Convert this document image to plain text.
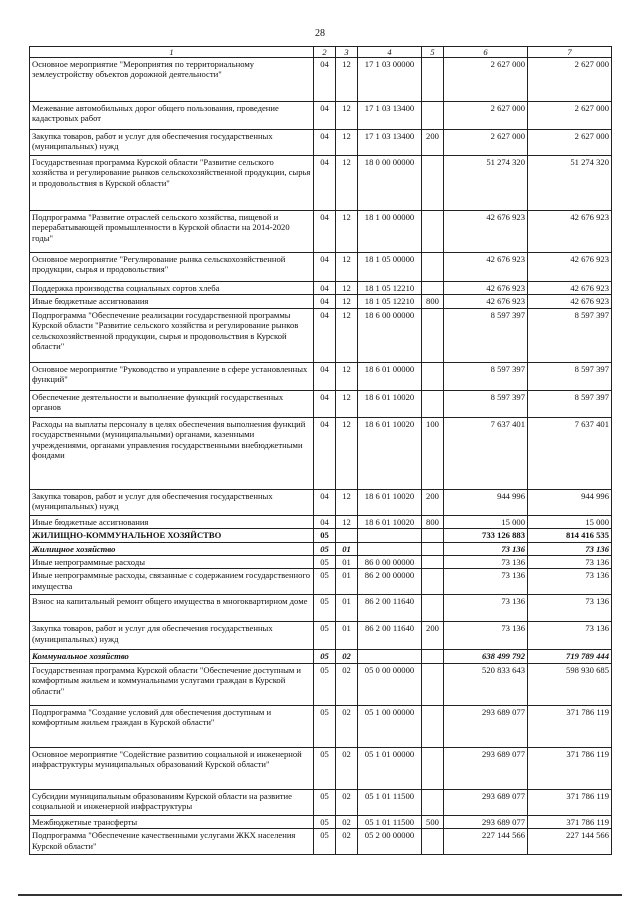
28
1	2	3	4	5	6	7
Основное мероприятие "Мероприятия по территориальному землеустройству объектов дорожной деятельности"	04	12	17 1 03 00000		2 627 000	2 627 000
Межевание автомобильных дорог общего пользования, проведение кадастровых работ	04	12	17 1 03 13400		2 627 000	2 627 000
Закупка товаров, работ и услуг для обеспечения государственных (муниципальных) нужд	04	12	17 1 03 13400	200	2 627 000	2 627 000
Государственная программа Курской области "Развитие сельского хозяйства и регулирование рынков сельскохозяйственной продукции, сырья и продовольствия в Курской области"	04	12	18 0 00 00000		51 274 320	51 274 320
Подпрограмма "Развитие отраслей сельского хозяйства, пищевой и перерабатывающей промышленности в Курской области на 2014-2020 годы"	04	12	18 1 00 00000		42 676 923	42 676 923
Основное мероприятие "Регулирование рынка сельскохозяйственной продукции, сырья и продовольствия"	04	12	18 1 05 00000		42 676 923	42 676 923
Поддержка производства социальных сортов хлеба	04	12	18 1 05 12210		42 676 923	42 676 923
Иные бюджетные ассигнования	04	12	18 1 05 12210	800	42 676 923	42 676 923
Подпрограмма "Обеспечение реализации государственной программы Курской области "Развитие сельского хозяйства и регулирование рынков сельскохозяйственной продукции, сырья и продовольствия в Курской области"	04	12	18 6 00 00000		8 597 397	8 597 397
Основное мероприятие "Руководство и управление в сфере установленных функций"	04	12	18 6 01 00000		8 597 397	8 597 397
Обеспечение деятельности и выполнение функций государственных органов	04	12	18 6 01 10020		8 597 397	8 597 397
Расходы на выплаты персоналу в целях обеспечения выполнения функций государственными (муниципальными) органами, казенными учреждениями, органами управления государственными внебюджетными фондами	04	12	18 6 01 10020	100	7 637 401	7 637 401
Закупка товаров, работ и услуг для обеспечения государственных (муниципальных) нужд	04	12	18 6 01 10020	200	944 996	944 996
Иные бюджетные ассигнования	04	12	18 6 01 10020	800	15 000	15 000
ЖИЛИЩНО-КОММУНАЛЬНОЕ ХОЗЯЙСТВО	05				733 126 883	814 416 535
Жилищное хозяйство	05	01			73 136	73 136
Иные непрограммные расходы	05	01	86 0 00 00000		73 136	73 136
Иные непрограммные расходы, связанные с содержанием государственного имущества	05	01	86 2 00 00000		73 136	73 136
Взнос на капитальный ремонт общего имущества в многоквартирном доме	05	01	86 2 00 11640		73 136	73 136
Закупка товаров, работ и услуг для обеспечения государственных (муниципальных) нужд	05	01	86 2 00 11640	200	73 136	73 136
Коммунальное хозяйство	05	02			638 499 792	719 789 444
Государственная программа Курской области "Обеспечение доступным и комфортным жильем и коммунальными услугами граждан в Курской области"	05	02	05 0 00 00000		520 833 643	598 930 685
Подпрограмма "Создание условий для обеспечения доступным и комфортным жильем граждан в Курской области"	05	02	05 1 00 00000		293 689 077	371 786 119
Основное мероприятие "Содействие развитию социальной и инженерной инфраструктуры муниципальных образований Курской области"	05	02	05 1 01 00000		293 689 077	371 786 119
Субсидии муниципальным образованиям Курской области на развитие социальной и инженерной инфраструктуры	05	02	05 1 01 11500		293 689 077	371 786 119
Межбюджетные трансферты	05	02	05 1 01 11500	500	293 689 077	371 786 119
Подпрограмма "Обеспечение качественными услугами ЖКХ населения Курской области"	05	02	05 2 00 00000		227 144 566	227 144 566
